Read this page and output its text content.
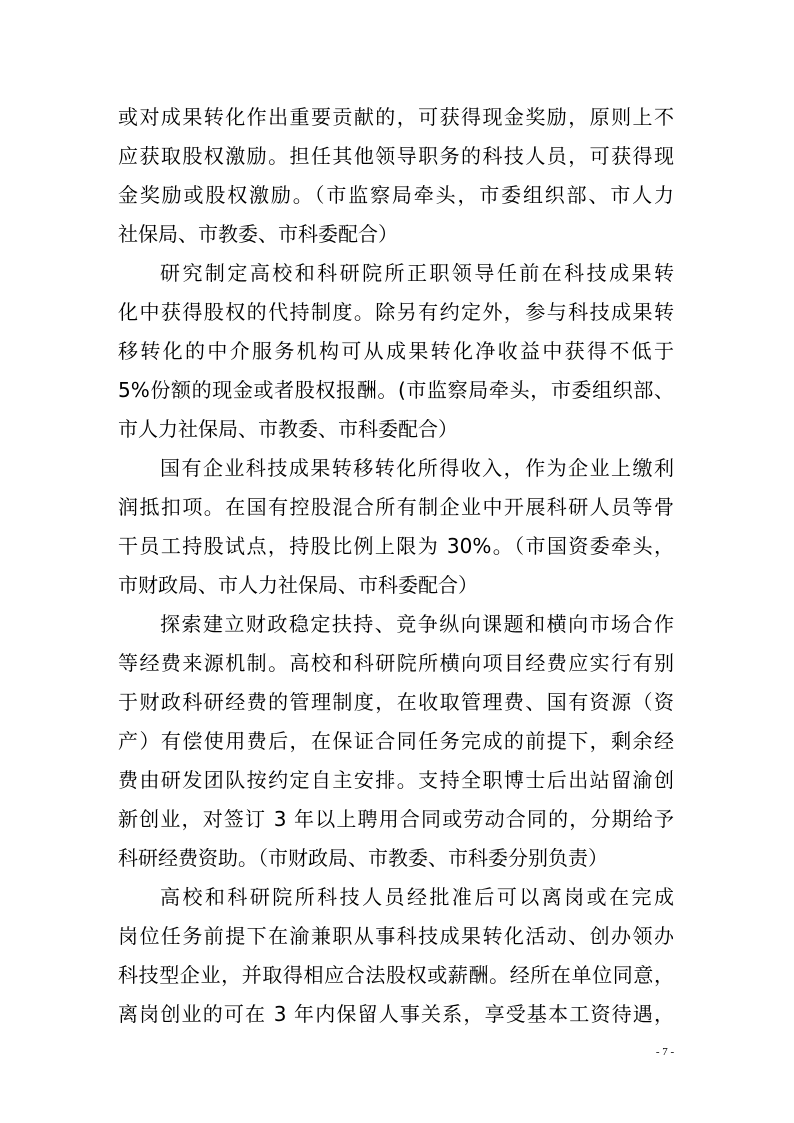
或对成果转化作出重要贡献的，可获得现金奖励，原则上不
应获取股权激励。担任其他领导职务的科技人员，可获得现
金奖励或股权激励。（市监察局牵头，市委组织部、市人力
社保局、市教委、市科委配合）
研究制定高校和科研院所正职领导任前在科技成果转
化中获得股权的代持制度。除另有约定外，参与科技成果转
移转化的中介服务机构可从成果转化净收益中获得不低于
5%份额的现金或者股权报酬。(市监察局牵头，市委组织部、
市人力社保局、市教委、市科委配合）
国有企业科技成果转移转化所得收入，作为企业上缴利
润抵扣项。在国有控股混合所有制企业中开展科研人员等骨
干员工持股试点，持股比例上限为 30%。（市国资委牵头，
市财政局、市人力社保局、市科委配合）
探索建立财政稳定扶持、竞争纵向课题和横向市场合作
等经费来源机制。高校和科研院所横向项目经费应实行有别
于财政科研经费的管理制度，在收取管理费、国有资源（资
产）有偿使用费后，在保证合同任务完成的前提下，剩余经
费由研发团队按约定自主安排。支持全职博士后出站留渝创
新创业，对签订 3 年以上聘用合同或劳动合同的，分期给予
科研经费资助。（市财政局、市教委、市科委分别负责）
高校和科研院所科技人员经批准后可以离岗或在完成
岗位任务前提下在渝兼职从事科技成果转化活动、创办领办
科技型企业，并取得相应合法股权或薪酬。经所在单位同意，
离岗创业的可在 3 年内保留人事关系，享受基本工资待遇，
- 7 -
